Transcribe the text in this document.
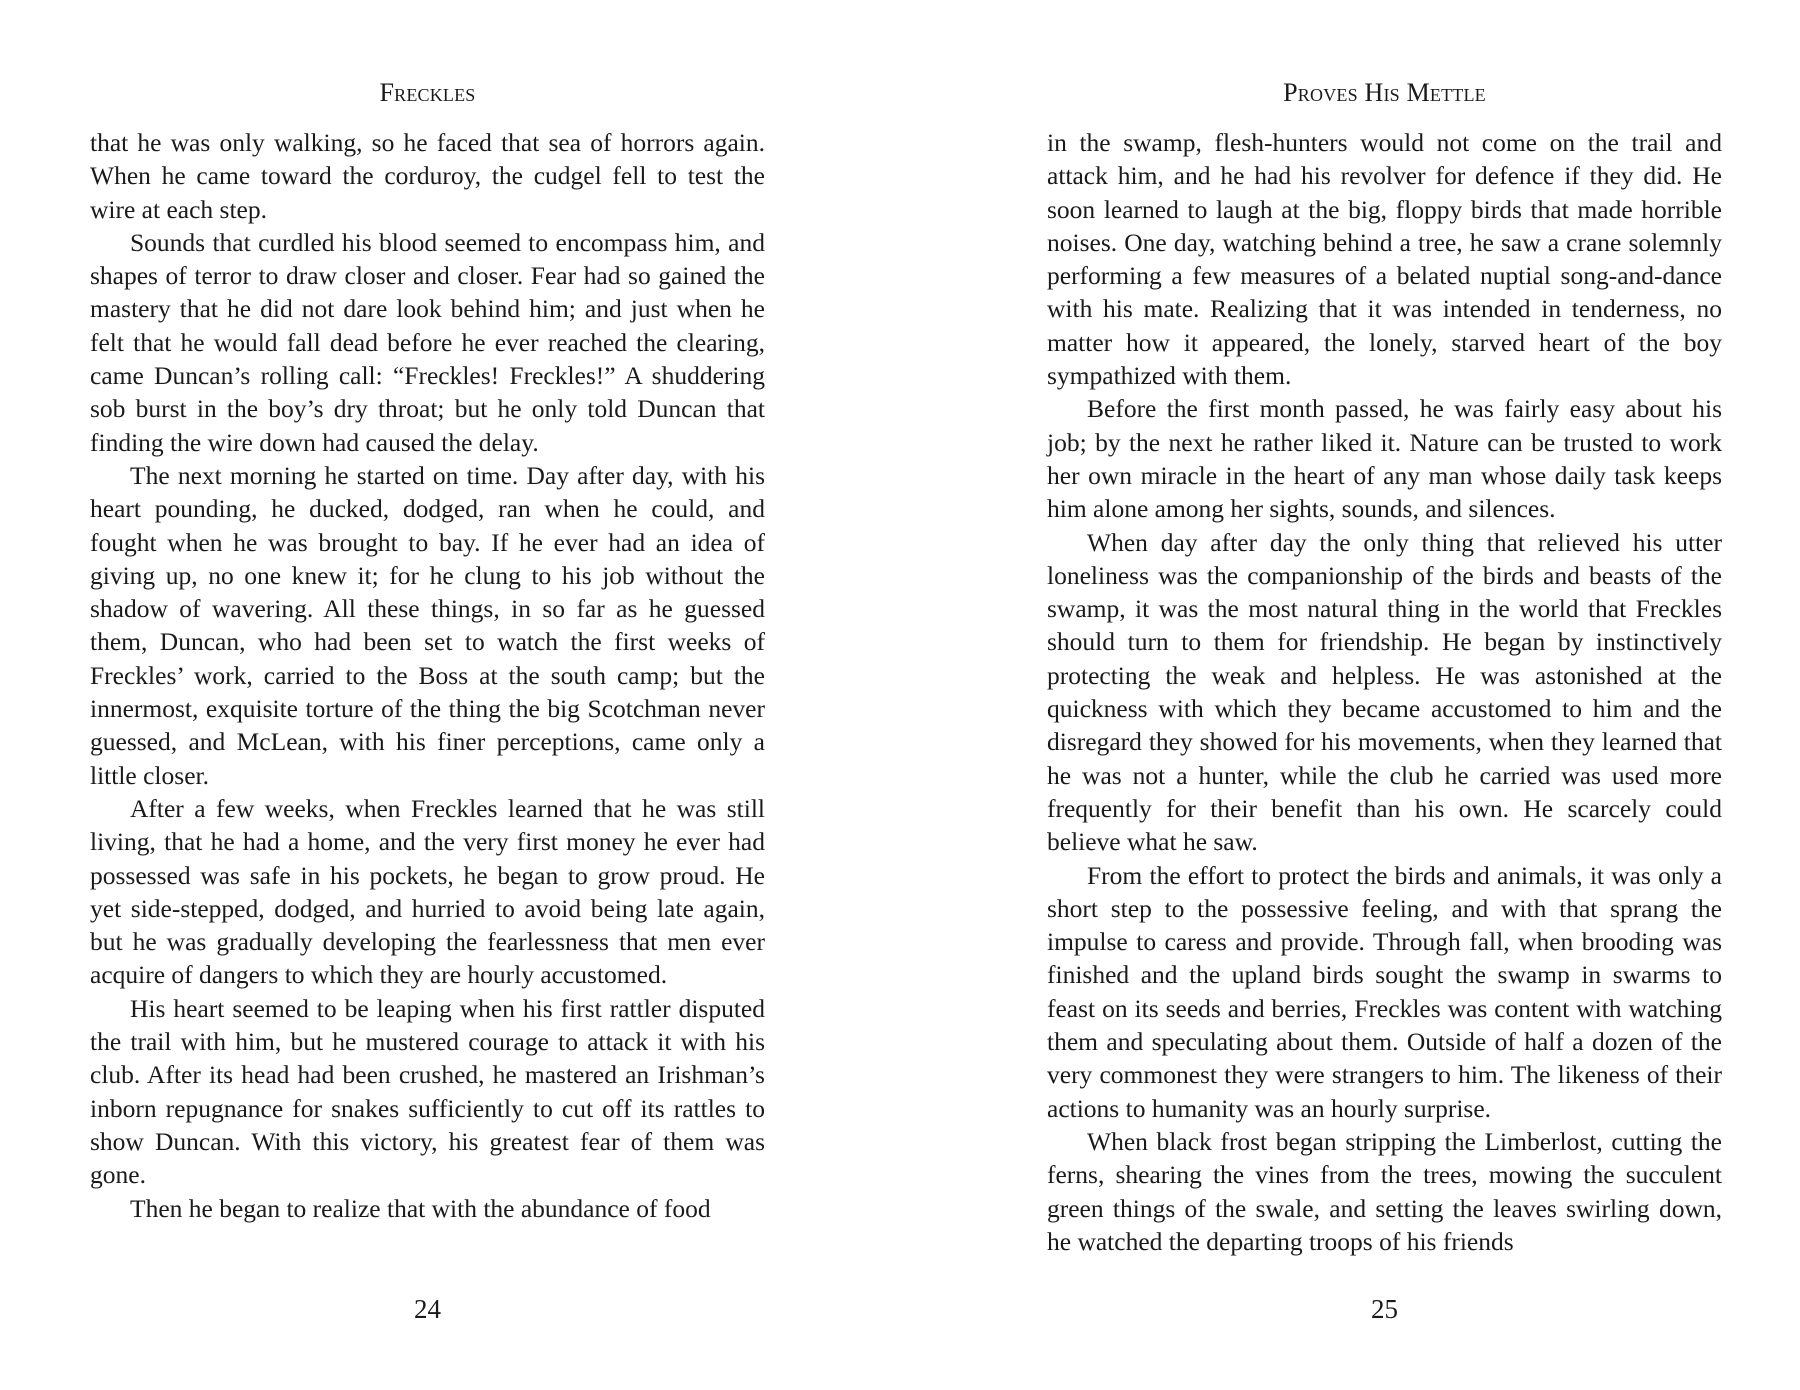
Freckles

that he was only walking, so he faced that sea of horrors again. When he came toward the corduroy, the cudgel fell to test the wire at each step.

Sounds that curdled his blood seemed to encompass him, and shapes of terror to draw closer and closer. Fear had so gained the mastery that he did not dare look behind him; and just when he felt that he would fall dead before he ever reached the clearing, came Duncan’s rolling call: “Freckles! Freckles!” A shuddering sob burst in the boy’s dry throat; but he only told Duncan that finding the wire down had caused the delay.

The next morning he started on time. Day after day, with his heart pounding, he ducked, dodged, ran when he could, and fought when he was brought to bay. If he ever had an idea of giving up, no one knew it; for he clung to his job without the shadow of wavering. All these things, in so far as he guessed them, Duncan, who had been set to watch the first weeks of Freckles’ work, carried to the Boss at the south camp; but the innermost, exquisite torture of the thing the big Scotchman never guessed, and McLean, with his finer perceptions, came only a little closer.

After a few weeks, when Freckles learned that he was still living, that he had a home, and the very first money he ever had possessed was safe in his pockets, he began to grow proud. He yet side-stepped, dodged, and hurried to avoid being late again, but he was gradually developing the fearlessness that men ever acquire of dangers to which they are hourly accustomed.

His heart seemed to be leaping when his first rattler disputed the trail with him, but he mustered courage to attack it with his club. After its head had been crushed, he mastered an Irishman’s inborn repugnance for snakes sufficiently to cut off its rattles to show Duncan. With this victory, his greatest fear of them was gone.

Then he began to realize that with the abundance of food

24
Proves His Mettle

in the swamp, flesh-hunters would not come on the trail and attack him, and he had his revolver for defence if they did. He soon learned to laugh at the big, floppy birds that made horrible noises. One day, watching behind a tree, he saw a crane solemnly performing a few measures of a belated nuptial song-and-dance with his mate. Realizing that it was intended in tenderness, no matter how it appeared, the lonely, starved heart of the boy sympathized with them.

Before the first month passed, he was fairly easy about his job; by the next he rather liked it. Nature can be trusted to work her own miracle in the heart of any man whose daily task keeps him alone among her sights, sounds, and silences.

When day after day the only thing that relieved his utter loneliness was the companionship of the birds and beasts of the swamp, it was the most natural thing in the world that Freckles should turn to them for friendship. He began by instinctively protecting the weak and helpless. He was astonished at the quickness with which they became accustomed to him and the disregard they showed for his movements, when they learned that he was not a hunter, while the club he carried was used more frequently for their benefit than his own. He scarcely could believe what he saw.

From the effort to protect the birds and animals, it was only a short step to the possessive feeling, and with that sprang the impulse to caress and provide. Through fall, when brooding was finished and the upland birds sought the swamp in swarms to feast on its seeds and berries, Freckles was content with watching them and speculating about them. Outside of half a dozen of the very commonest they were strangers to him. The likeness of their actions to humanity was an hourly surprise.

When black frost began stripping the Limberlost, cutting the ferns, shearing the vines from the trees, mowing the succulent green things of the swale, and setting the leaves swirling down, he watched the departing troops of his friends

25
